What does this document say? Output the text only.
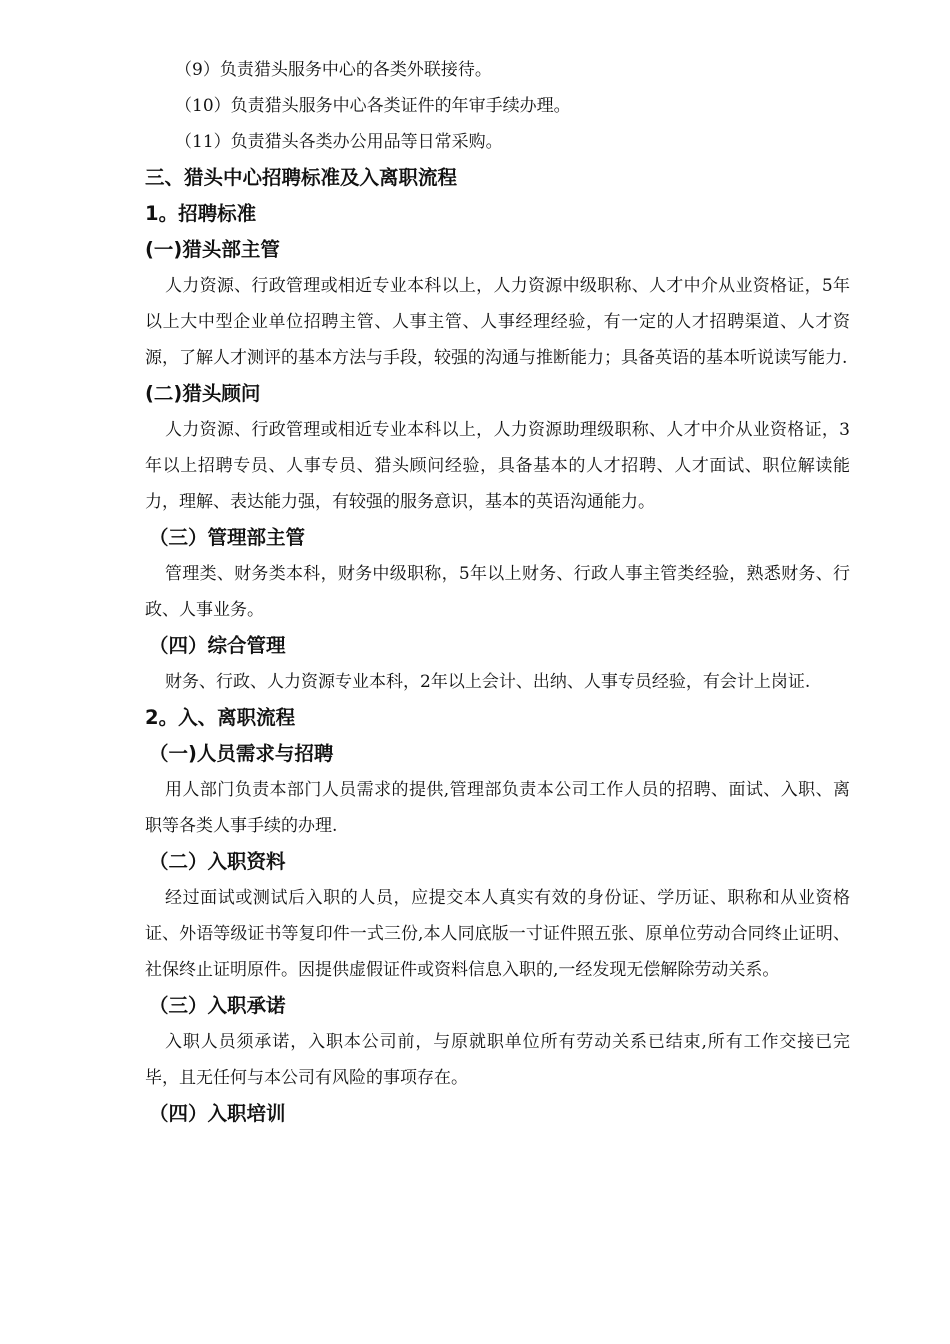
（9）负责猎头服务中心的各类外联接待。

（10）负责猎头服务中心各类证件的年审手续办理。

（11）负责猎头各类办公用品等日常采购。

三、猎头中心招聘标准及入离职流程
1。招聘标准
(一)猎头部主管

人力资源、行政管理或相近专业本科以上，人力资源中级职称、人才中介从业资格证，5年以上大中型企业单位招聘主管、人事主管、人事经理经验，有一定的人才招聘渠道、人才资源，了解人才测评的基本方法与手段，较强的沟通与推断能力；具备英语的基本听说读写能力.

(二)猎头顾问

人力资源、行政管理或相近专业本科以上，人力资源助理级职称、人才中介从业资格证，3年以上招聘专员、人事专员、猎头顾问经验，具备基本的人才招聘、人才面试、职位解读能力，理解、表达能力强，有较强的服务意识，基本的英语沟通能力。

（三）管理部主管

管理类、财务类本科，财务中级职称，5年以上财务、行政人事主管类经验，熟悉财务、行政、人事业务。

（四）综合管理

财务、行政、人力资源专业本科，2年以上会计、出纳、人事专员经验，有会计上岗证.

2。入、离职流程
（一)人员需求与招聘

用人部门负责本部门人员需求的提供,管理部负责本公司工作人员的招聘、面试、入职、离职等各类人事手续的办理.

（二）入职资料

经过面试或测试后入职的人员，应提交本人真实有效的身份证、学历证、职称和从业资格证、外语等级证书等复印件一式三份,本人同底版一寸证件照五张、原单位劳动合同终止证明、社保终止证明原件。因提供虚假证件或资料信息入职的,一经发现无偿解除劳动关系。

（三）入职承诺

入职人员须承诺，入职本公司前，与原就职单位所有劳动关系已结束,所有工作交接已完毕，且无任何与本公司有风险的事项存在。

（四）入职培训
